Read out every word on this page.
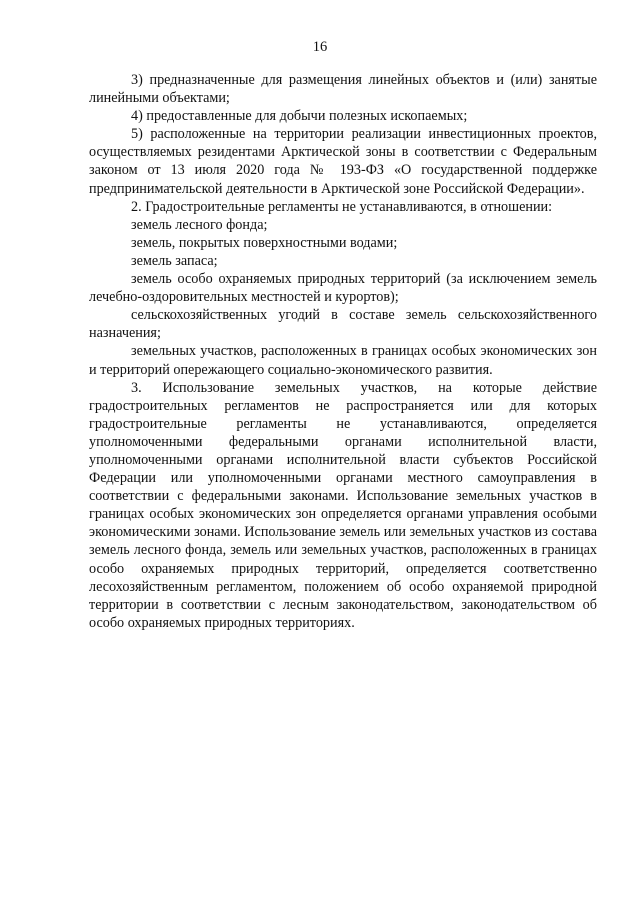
16

3) предназначенные для размещения линейных объектов и (или) занятые линейными объектами;

4) предоставленные для добычи полезных ископаемых;

5) расположенные на территории реализации инвестиционных проектов, осуществляемых резидентами Арктической зоны в соответствии с Федеральным законом от 13 июля 2020 года № 193-ФЗ «О государственной поддержке предпринимательской деятельности в Арктической зоне Российской Федерации».

2. Градостроительные регламенты не устанавливаются, в отношении:

земель лесного фонда;

земель, покрытых поверхностными водами;

земель запаса;

земель особо охраняемых природных территорий (за исключением земель лечебно-оздоровительных местностей и курортов);

сельскохозяйственных угодий в составе земель сельскохозяйственного назначения;

земельных участков, расположенных в границах особых экономических зон и территорий опережающего социально-экономического развития.

3. Использование земельных участков, на которые действие градостроительных регламентов не распространяется или для которых градостроительные регламенты не устанавливаются, определяется уполномоченными федеральными органами исполнительной власти, уполномоченными органами исполнительной власти субъектов Российской Федерации или уполномоченными органами местного самоуправления в соответствии с федеральными законами. Использование земельных участков в границах особых экономических зон определяется органами управления особыми экономическими зонами. Использование земель или земельных участков из состава земель лесного фонда, земель или земельных участков, расположенных в границах особо охраняемых природных территорий, определяется соответственно лесохозяйственным регламентом, положением об особо охраняемой природной территории в соответствии с лесным законодательством, законодательством об особо охраняемых природных территориях.
